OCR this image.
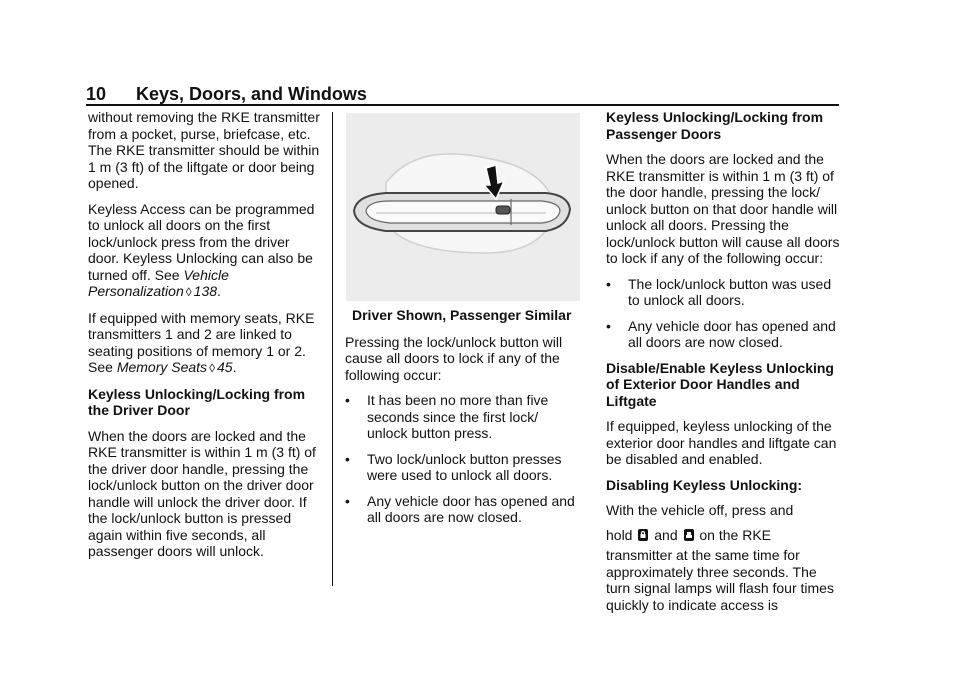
10 Keys, Doors, and Windows

without removing the RKE transmitter from a pocket, purse, briefcase, etc. The RKE transmitter should be within 1 m (3 ft) of the liftgate or door being opened.

Keyless Access can be programmed to unlock all doors on the first lock/unlock press from the driver door. Keyless Unlocking can also be turned off. See Vehicle Personalization ◊ 138.

If equipped with memory seats, RKE transmitters 1 and 2 are linked to seating positions of memory 1 or 2. See Memory Seats ◊ 45.

Keyless Unlocking/Locking from the Driver Door

When the doors are locked and the RKE transmitter is within 1 m (3 ft) of the driver door handle, pressing the lock/unlock button on the driver door handle will unlock the driver door. If the lock/unlock button is pressed again within five seconds, all passenger doors will unlock.

Driver Shown, Passenger Similar

Pressing the lock/unlock button will cause all doors to lock if any of the following occur:

• It has been no more than five seconds since the first lock/ unlock button press.
• Two lock/unlock button presses were used to unlock all doors.
• Any vehicle door has opened and all doors are now closed.

Keyless Unlocking/Locking from Passenger Doors

When the doors are locked and the RKE transmitter is within 1 m (3 ft) of the door handle, pressing the lock/ unlock button on that door handle will unlock all doors. Pressing the lock/unlock button will cause all doors to lock if any of the following occur:

• The lock/unlock button was used to unlock all doors.
• Any vehicle door has opened and all doors are now closed.

Disable/Enable Keyless Unlocking of Exterior Door Handles and Liftgate

If equipped, keyless unlocking of the exterior door handles and liftgate can be disabled and enabled.

Disabling Keyless Unlocking:

With the vehicle off, press and
hold and on the RKE
transmitter at the same time for approximately three seconds. The turn signal lamps will flash four times quickly to indicate access is
